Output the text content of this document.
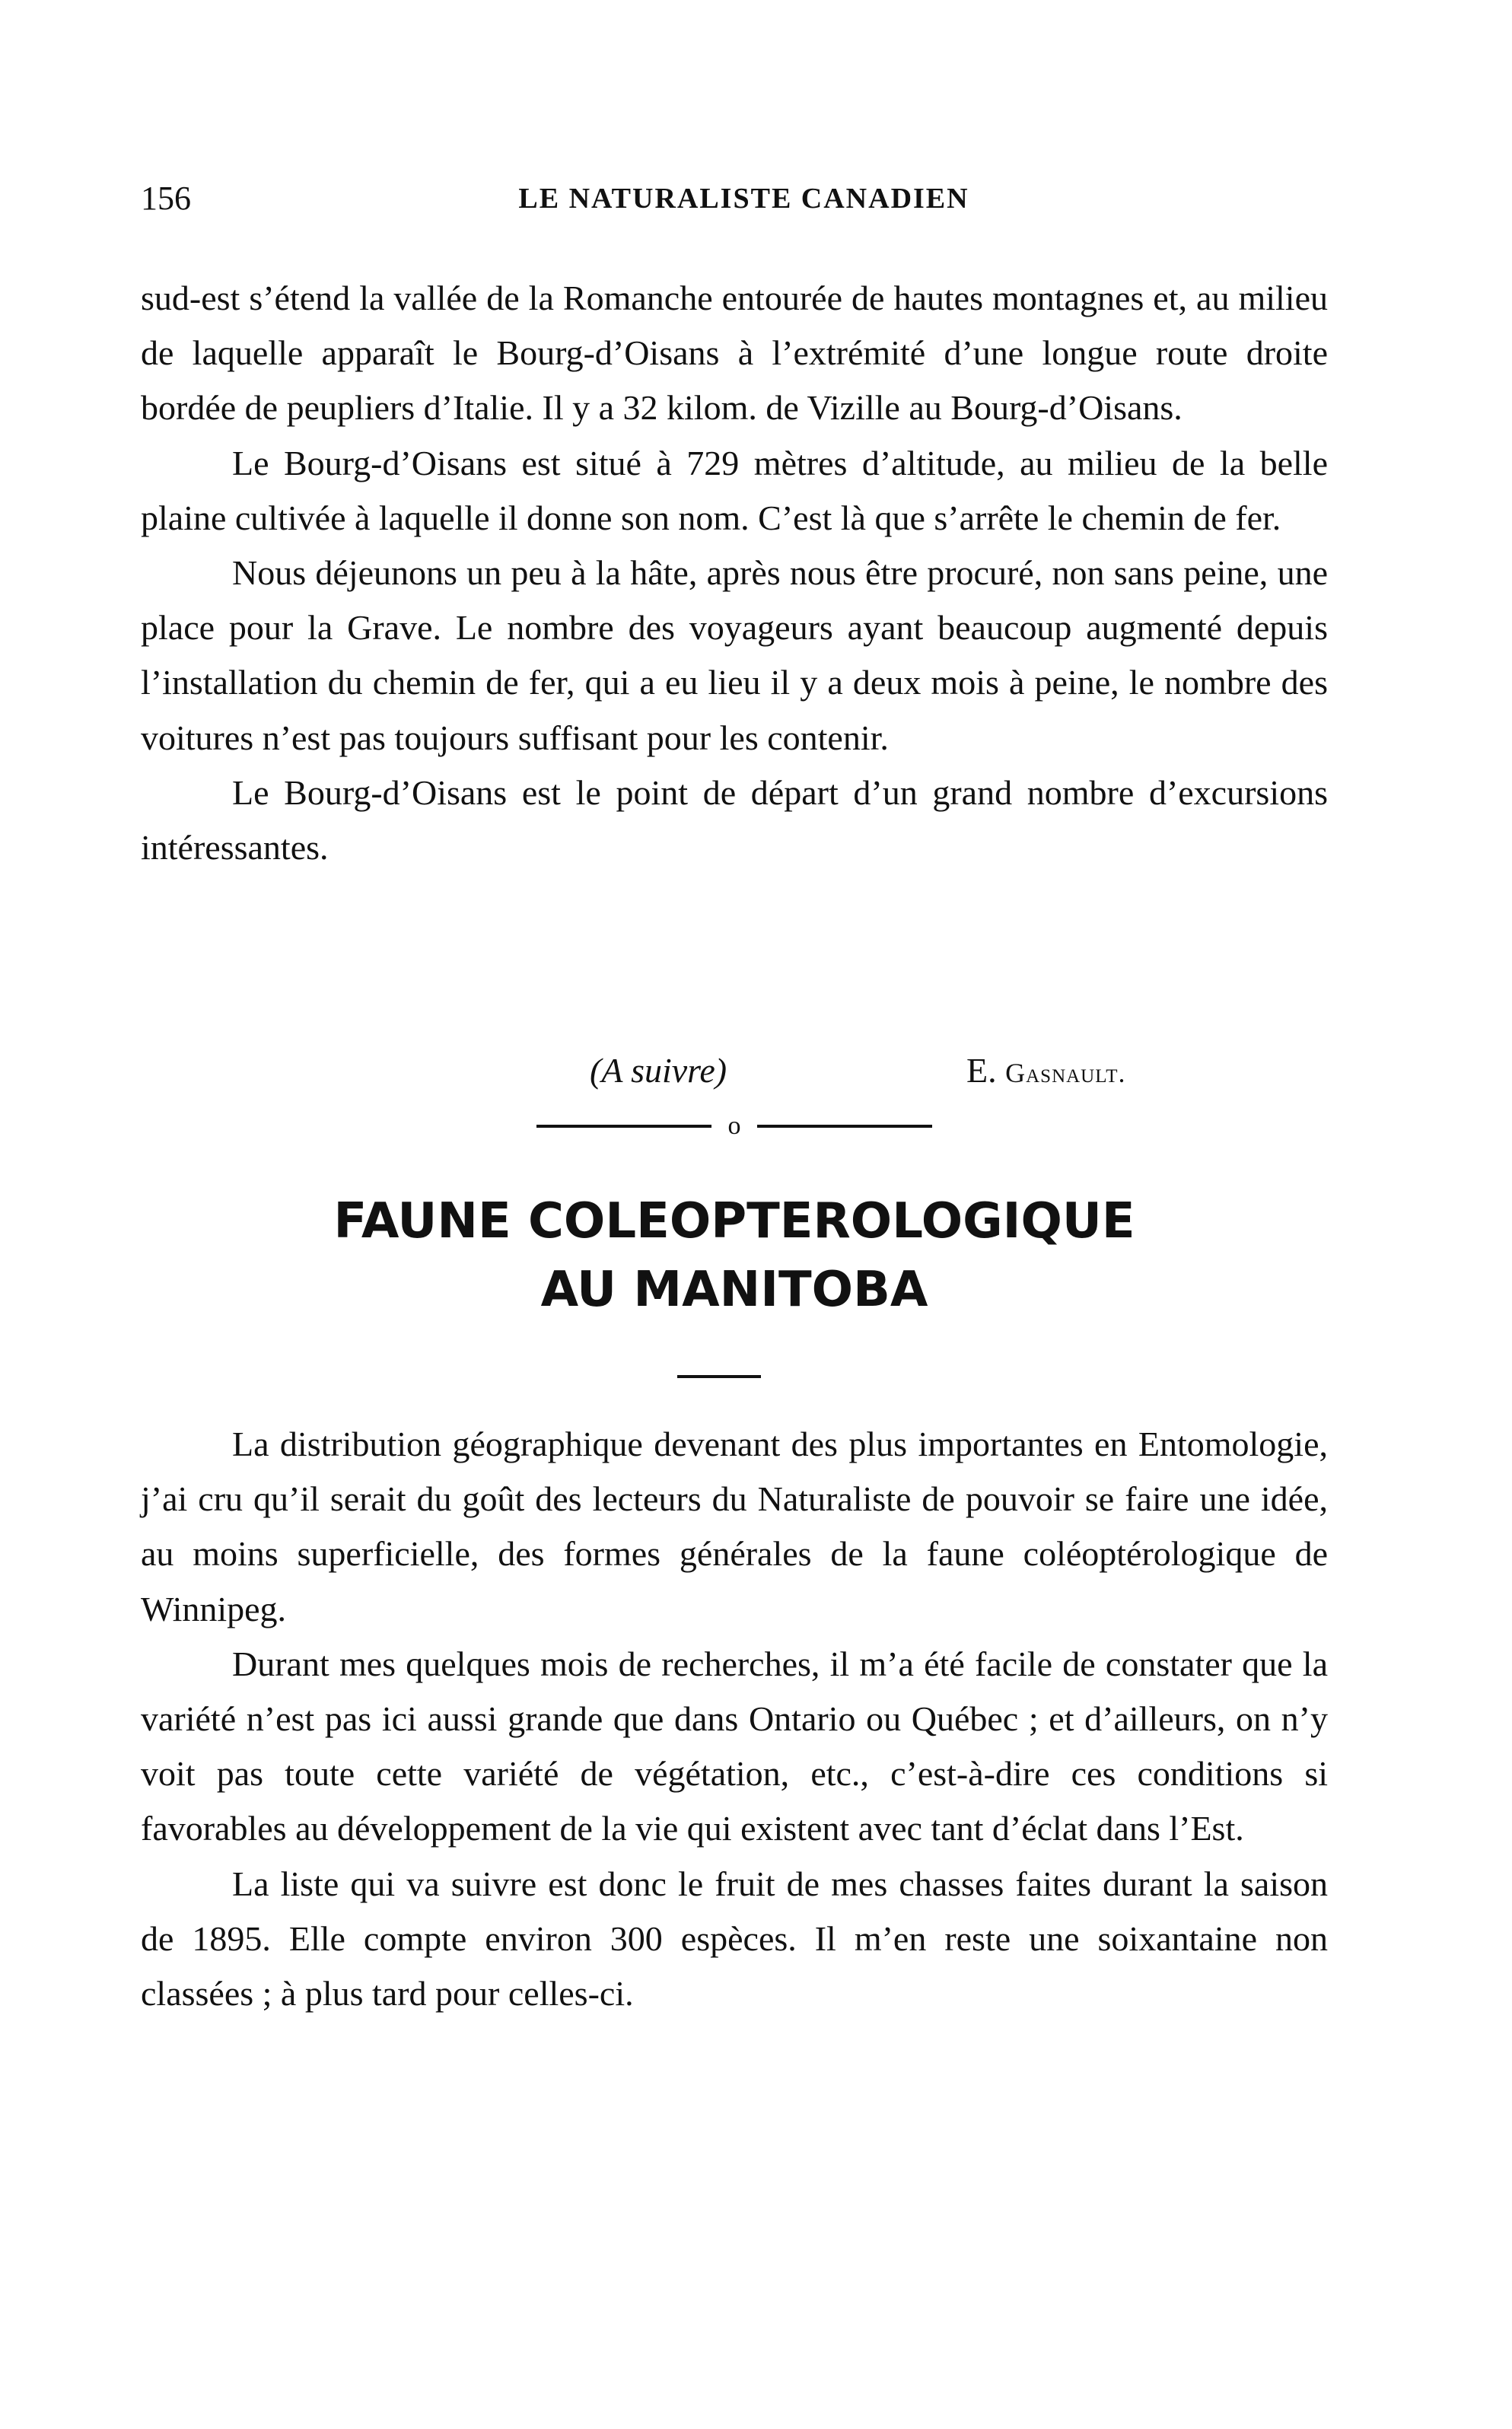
156	LE NATURALISTE CANADIEN

sud-est s’étend la vallée de la Romanche entourée de hautes montagnes et, au milieu de laquelle apparaît le Bourg-d’Oisans à l’extrémité d’une longue route droite bordée de peupliers d’Italie. Il y a 32 kilom. de Vizille au Bourg-d’Oisans.

Le Bourg-d’Oisans est situé à 729 mètres d’altitude, au milieu de la belle plaine cultivée à laquelle il donne son nom. C’est là que s’arrête le chemin de fer.

Nous déjeunons un peu à la hâte, après nous être procuré, non sans peine, une place pour la Grave. Le nombre des voyageurs ayant beaucoup augmenté depuis l’installation du chemin de fer, qui a eu lieu il y a deux mois à peine, le nombre des voitures n’est pas toujours suffisant pour les contenir.

Le Bourg-d’Oisans est le point de départ d’un grand nombre d’excursions intéressantes.

(A suivre)	E. Gasnault.
o
FAUNE COLEOPTEROLOGIQUE
AU MANITOBA

La distribution géographique devenant des plus importantes en Entomologie, j’ai cru qu’il serait du goût des lecteurs du Naturaliste de pouvoir se faire une idée, au moins superficielle, des formes générales de la faune coléoptérologique de Winnipeg.

Durant mes quelques mois de recherches, il m’a été facile de constater que la variété n’est pas ici aussi grande que dans Ontario ou Québec ; et d’ailleurs, on n’y voit pas toute cette variété de végétation, etc., c’est-à-dire ces conditions si favorables au développement de la vie qui existent avec tant d’éclat dans l’Est.

La liste qui va suivre est donc le fruit de mes chasses faites durant la saison de 1895. Elle compte environ 300 espèces. Il m’en reste une soixantaine non classées ; à plus tard pour celles-ci.
